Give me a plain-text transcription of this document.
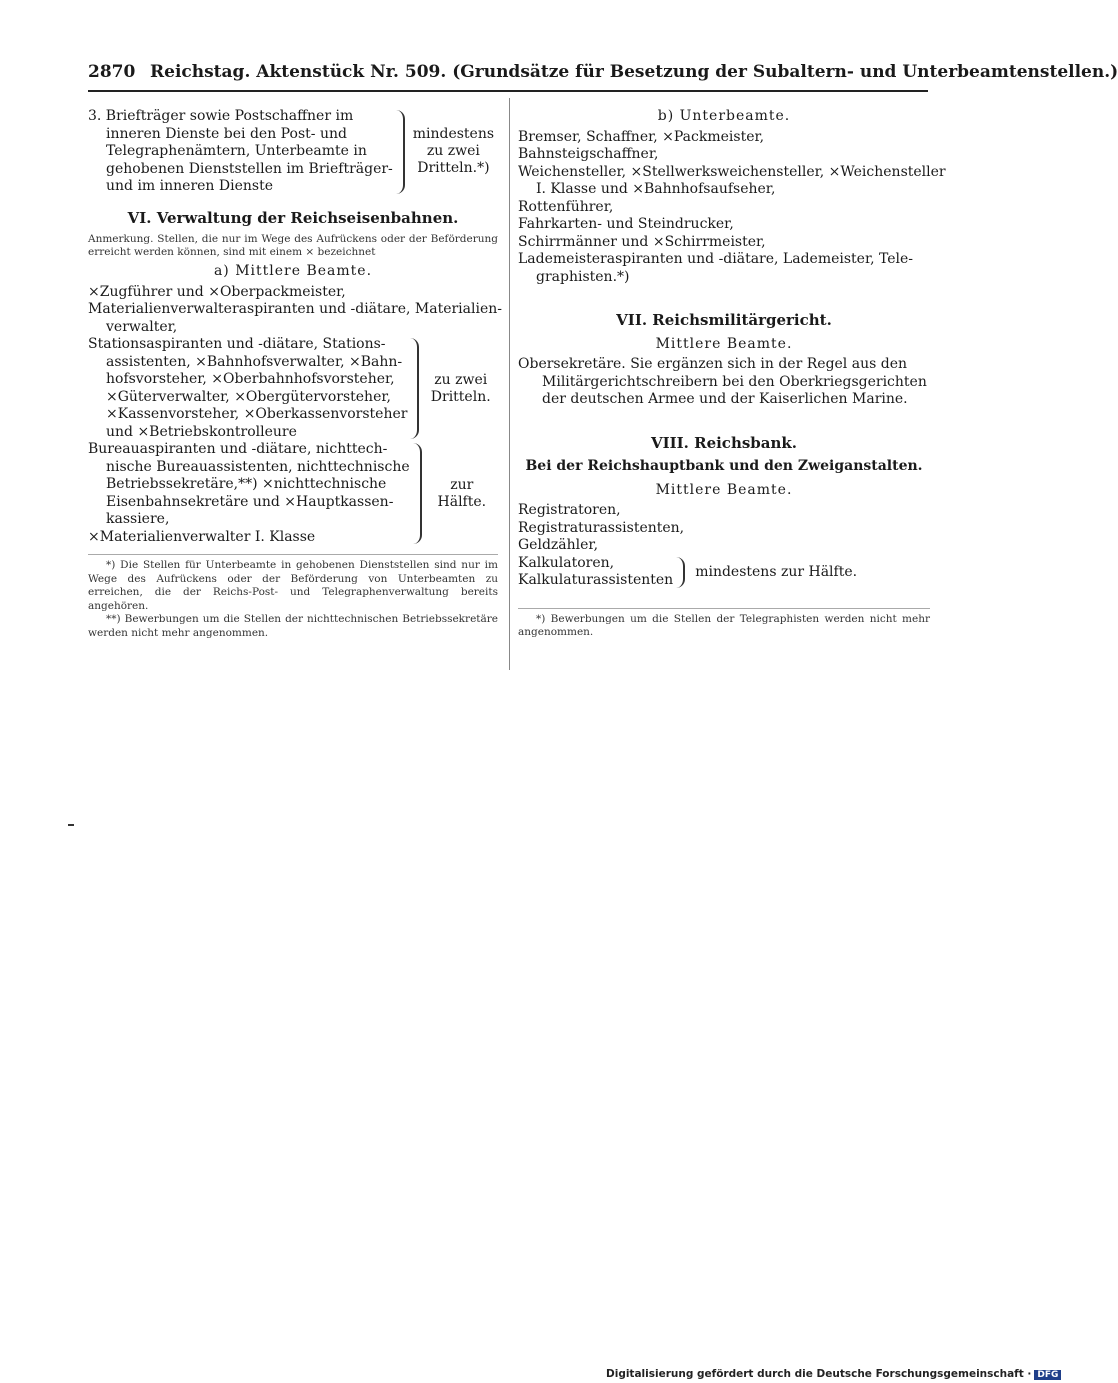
2870 Reichstag. Aktenstück Nr. 509. (Grundsätze für Besetzung der Subaltern- und Unterbeamtenstellen.)
3. Briefträger sowie Postschaffner im
inneren Dienste bei den Post- und
Telegraphenämtern, Unterbeamte in
gehobenen Dienststellen im Briefträger-
und im inneren Dienste
mindestens
zu zwei
Dritteln.*)
VI. Verwaltung der Reichseisenbahnen.
Anmerkung. Stellen, die nur im Wege des Aufrückens oder der Beförderung erreicht werden können, sind mit einem × bezeichnet
a) Mittlere Beamte.
×Zugführer und ×Oberpackmeister,
Materialienverwalteraspiranten und -diätare, Materialien-
verwalter,
Stationsaspiranten und -diätare, Stations-
assistenten, ×Bahnhofsverwalter, ×Bahn-
hofsvorsteher, ×Oberbahnhofsvorsteher,
×Güterverwalter, ×Obergütervorsteher,
×Kassenvorsteher, ×Oberkassenvorsteher
und ×Betriebskontrolleure
zu zwei
Dritteln.
Bureauaspiranten und -diätare, nichttech-
nische Bureauassistenten, nichttechnische
Betriebssekretäre,**) ×nichttechnische
Eisenbahnsekretäre und ×Hauptkassen-
kassiere,
×Materialienverwalter I. Klasse
zur Hälfte.

*) Die Stellen für Unterbeamte in gehobenen Dienststellen sind nur im Wege des Aufrückens oder der Beförderung von Unterbeamten zu erreichen, die der Reichs-Post- und Telegraphenverwaltung bereits angehören.

**) Bewerbungen um die Stellen der nichttechnischen Betriebssekretäre werden nicht mehr angenommen.

b) Unterbeamte.
Bremser, Schaffner, ×Packmeister,
Bahnsteigschaffner,
Weichensteller, ×Stellwerksweichensteller, ×Weichensteller
I. Klasse und ×Bahnhofsaufseher,
Rottenführer,
Fahrkarten- und Steindrucker,
Schirrmänner und ×Schirrmeister,
Lademeisteraspiranten und -diätare, Lademeister, Tele-
graphisten.*)
VII. Reichsmilitärgericht.
Mittlere Beamte.
Obersekretäre. Sie ergänzen sich in der Regel aus den
Militärgerichtschreibern bei den Oberkriegsgerichten
der deutschen Armee und der Kaiserlichen Marine.
VIII. Reichsbank.
Bei der Reichshauptbank und den Zweiganstalten.
Mittlere Beamte.
Registratoren,
Registraturassistenten,
Geldzähler,
Kalkulatoren,
Kalkulaturassistenten
mindestens zur Hälfte.

*) Bewerbungen um die Stellen der Telegraphisten werden nicht mehr angenommen.

Digitalisierung gefördert durch die Deutsche Forschungsgemeinschaft · DFG
